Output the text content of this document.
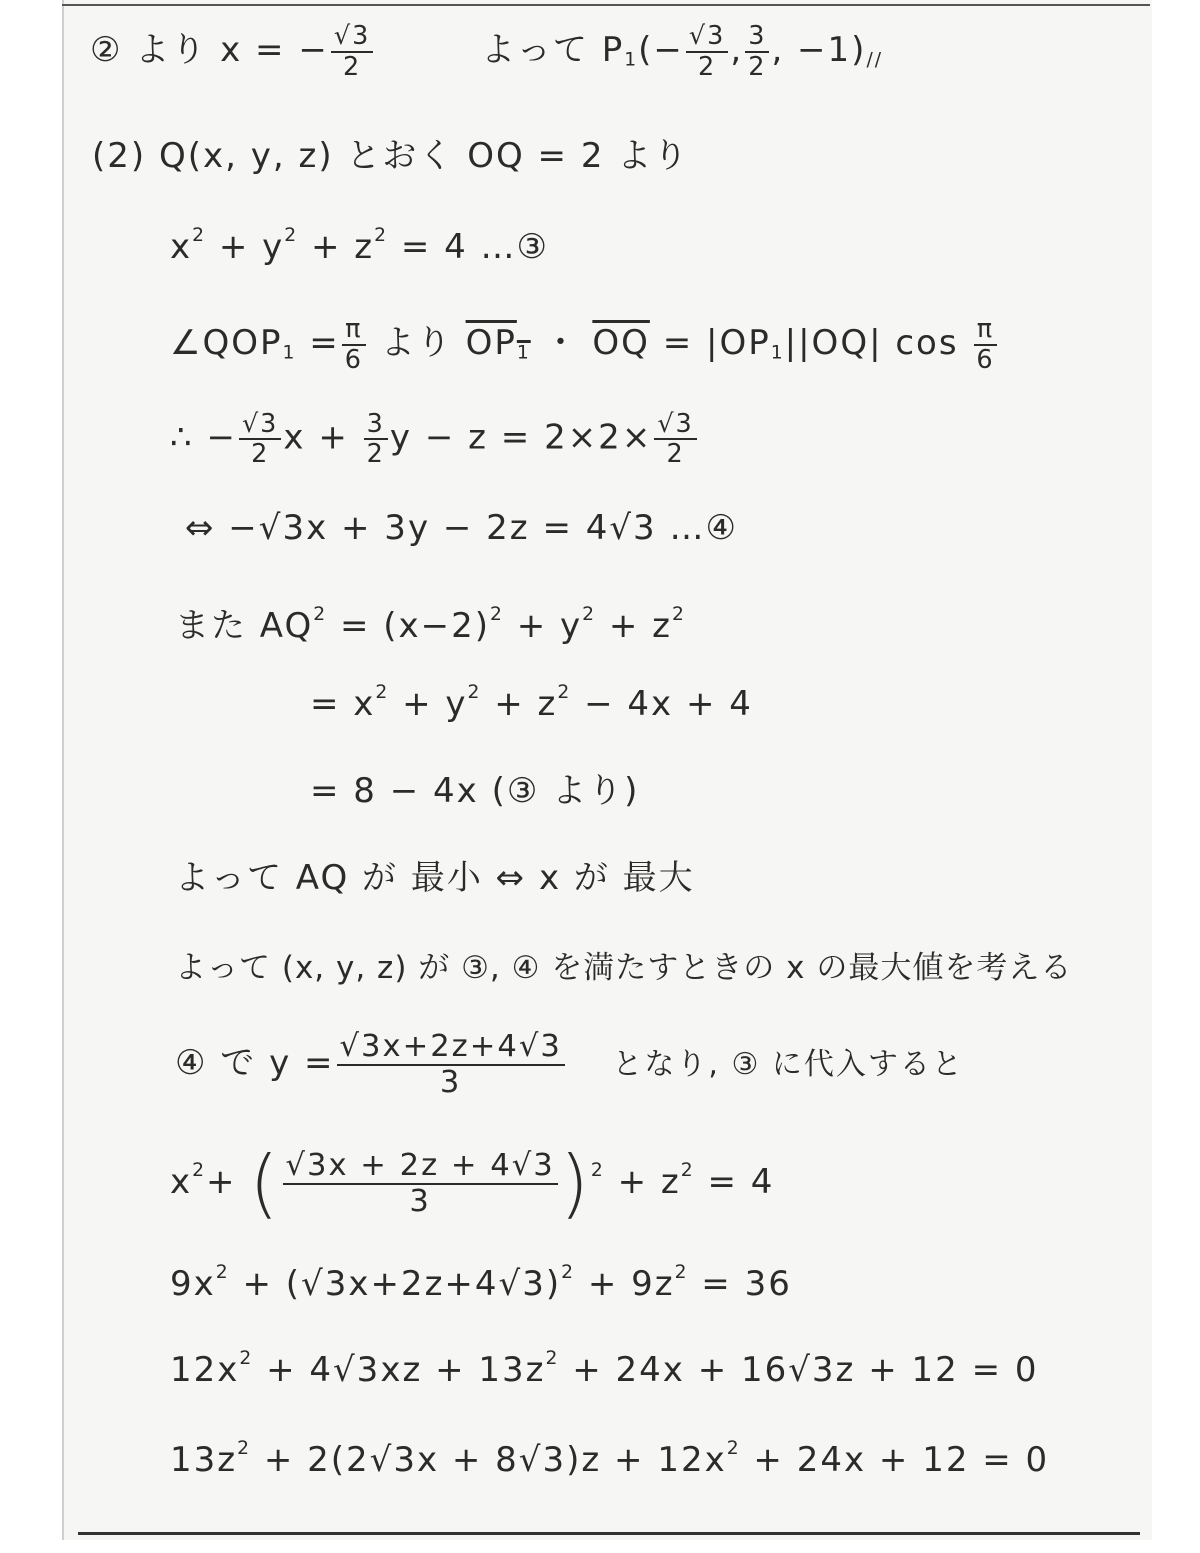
② より x = − $\frac{√3}{2}$	よって $P_1(- \frac{√3}{2}$ , $\frac{3}{2}$ , $-1)_{//}$
(2) Q(x, y, z) とおく OQ = 2 より
$x^2 + y^2 + z^2 = 4$ …③
$\angle QOP_1 = \frac{\pi}{6}$ より $OP_1$ ・ $\overline{OQ} = |OP_1||OQ|$ $\cos \frac{\pi}{6}$
∴ − $\frac{√3}{2}$ $x + \frac{3}{2}$ $y - z = 2\times 2\times \frac{√3}{2}$
⇔ −√3x + 3y − 2z = 4√3 …④
また $AQ^2 = (x-2)^2 + y^2 + z^2$
= $x^2 + y^2 + z^2 - 4x + 4$
= 8 − 4x (③ より)
よって AQ が 最小 ⇔ x が 最大
よって (x, y, z) が ③, ④ を満たすときの x の最大値を考える
④ で $y = \frac{√3x+2z+4√3}{3}$ となり, ③ に代入すると
$x^2+$ ( $\frac{√3x + 2z + 4√3}{3} )^2 + z^2 = 4$
$9x^2 + (√3x+2z+4√3)^2 + 9z^2 = 36$
$12x^2 + 4√3xz + 13z^2 + 24x + 16√3z + 12 = 0$
$13z^2 + 2(2√3x + 8√3)z + 12x^2 + 24x + 12 = 0$
